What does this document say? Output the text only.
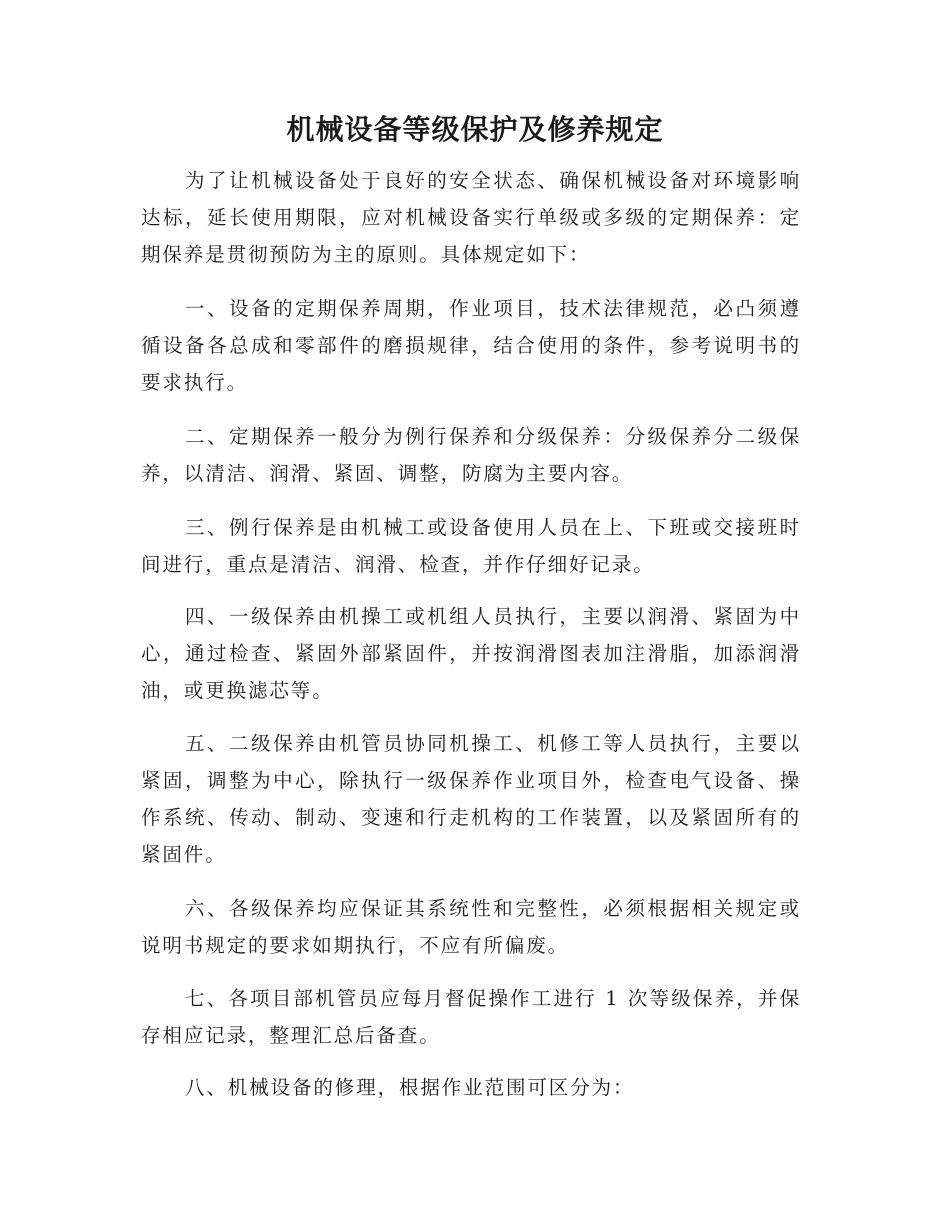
机械设备等级保护及修养规定

为了让机械设备处于良好的安全状态、确保机械设备对环境影响达标，延长使用期限，应对机械设备实行单级或多级的定期保养：定期保养是贯彻预防为主的原则。具体规定如下：

一、设备的定期保养周期，作业项目，技术法律规范，必凸须遵循设备各总成和零部件的磨损规律，结合使用的条件，参考说明书的要求执行。

二、定期保养一般分为例行保养和分级保养：分级保养分二级保养，以清洁、润滑、紧固、调整，防腐为主要内容。

三、例行保养是由机械工或设备使用人员在上、下班或交接班时间进行，重点是清洁、润滑、检查，并作仔细好记录。

四、一级保养由机操工或机组人员执行，主要以润滑、紧固为中心，通过检查、紧固外部紧固件，并按润滑图表加注滑脂，加添润滑油，或更换滤芯等。

五、二级保养由机管员协同机操工、机修工等人员执行，主要以紧固，调整为中心，除执行一级保养作业项目外，检查电气设备、操作系统、传动、制动、变速和行走机构的工作装置，以及紧固所有的紧固件。

六、各级保养均应保证其系统性和完整性，必须根据相关规定或说明书规定的要求如期执行，不应有所偏废。

七、各项目部机管员应每月督促操作工进行 1 次等级保养，并保存相应记录，整理汇总后备查。

八、机械设备的修理，根据作业范围可区分为：
